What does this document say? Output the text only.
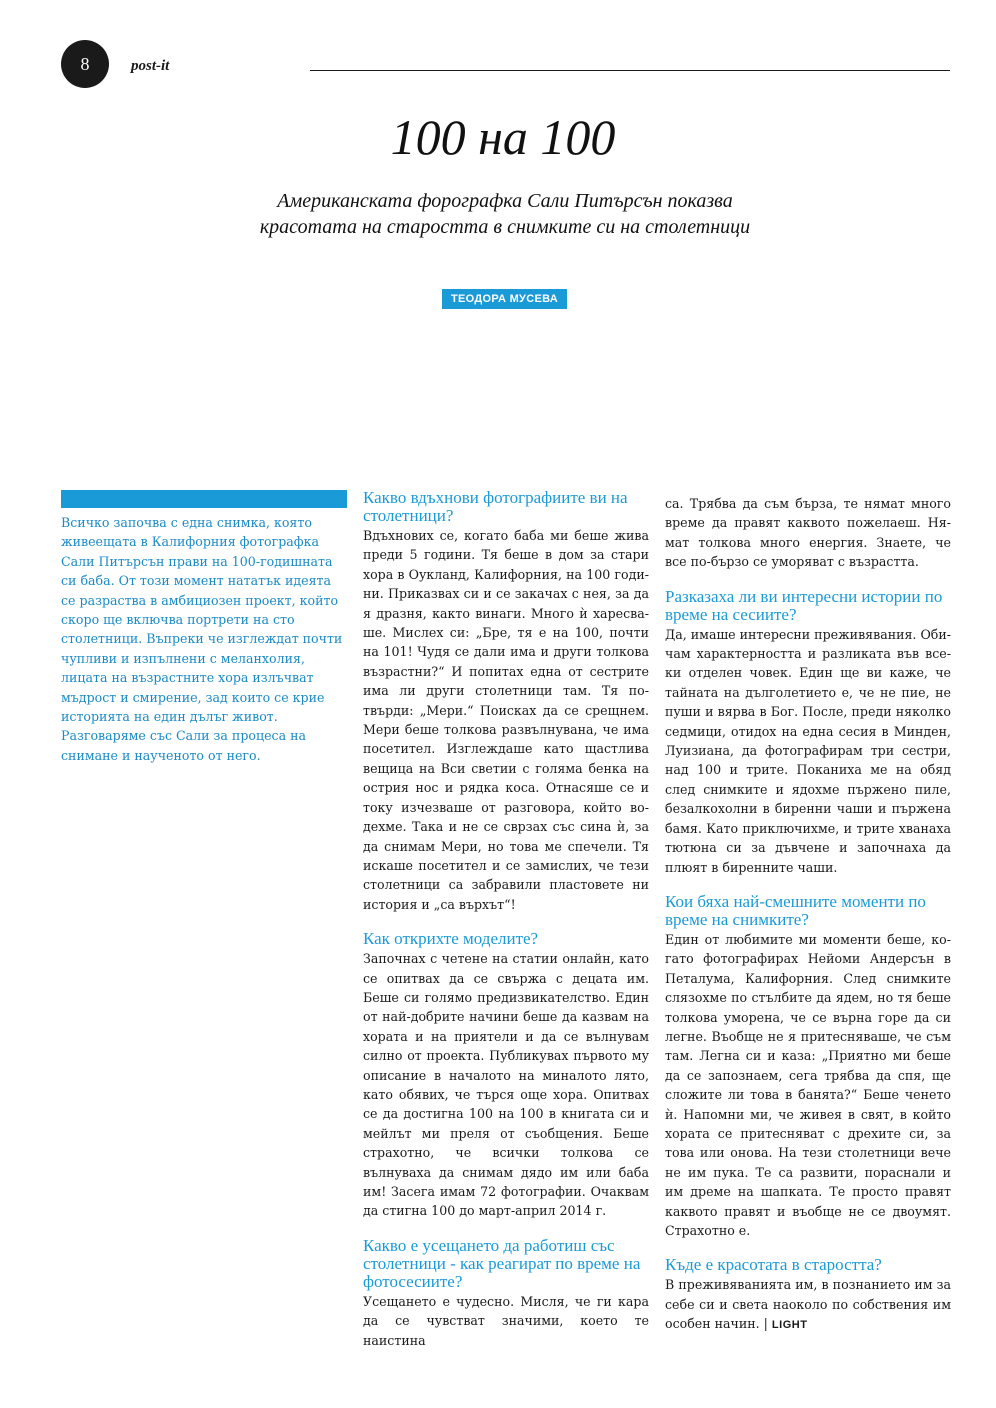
8	post-it
100 на 100
Американската форографка Сали Питърсън показва красотата на старостта в снимките си на столетници
ТЕОДОРА МУСЕВА

Всичко започва с една снимка, която живеещата в Калифорния фотографка Сали Питърсън прави на 100-годишната си баба. От този момент нататък идеята се разраства в амбициозен проект, който скоро ще включва портрети на сто столетници. Въпреки че изглеждат почти чупливи и изпълнени с меланхолия, лицата на възрастните хора излъчват мъдрост и смирение, зад които се крие историята на един дълъг живот. Разговаряме със Сали за процеса на снимане и наученото от него.

Какво вдъхнови фотографиите ви на столетници?

Вдъхнових се, когато баба ми беше жива преди 5 години. Тя беше в дом за стари хора в Оукланд, Калифорния, на 100 години. Приказвах си и се закачах с нея, за да я дразня, както винаги. Много ѝ харесваше. Мислех си: „Бре, тя е на 100, почти на 101! Чудя се дали има и други толкова възрастни?“ И попитах една от сестрите има ли други столетници там. Тя потвърди: „Мери.“ Поисках да се срещнем. Мери беше толкова развълнувана, че има посетител. Изглеждаше като щастлива вещица на Вси светии с голяма бенка на острия нос и рядка коса. Отнасяше се и току изчезваше от разговора, който водехме. Така и не се сврзах със сина ѝ, за да снимам Мери, но това ме спечели. Тя искаше посетител и се замислих, че тези столетници са забравили пластовете ни история и „са върхът“!

Как открихте моделите?

Започнах с четене на статии онлайн, като се опитвах да се свържа с децата им. Беше си голямо предизвикателство. Един от най-добрите начини беше да казвам на хората и на приятели и да се вълнувам силно от проекта. Публикувах първото му описание в началото на миналото лято, като обявих, че търся още хора. Опитвах се да достигна 100 на 100 в книгата си и мейлът ми преля от съобщения. Беше страхотно, че всички толкова се вълнуваха да снимам дядо им или баба им! Засега имам 72 фотографии. Очаквам да стигна 100 до март-април 2014 г.

Какво е усещането да работиш със столетници - как реагират по време на фотосесиите?

Усещането е чудесно. Мисля, че ги кара да се чувстват значими, което те наистина

са. Трябва да съм бърза, те нямат много време да правят каквото пожелаеш. Нямат толкова много енергия. Знаете, че все по-бързо се уморяват с възрастта.

Разказаха ли ви интересни истории по време на сесиите?

Да, имаше интересни преживявания. Обичам характерността и разликата във всеки отделен човек. Един ще ви каже, че тайната на дълголетието е, че не пие, не пуши и вярва в Бог. После, преди няколко седмици, отидох на една сесия в Минден, Луизиана, да фотографирам три сестри, над 100 и трите. Поканиха ме на обяд след снимките и ядохме пържено пиле, безалкохолни в биренни чаши и пържена бамя. Като приключихме, и трите хванаха тютюна си за дъвчене и започнаха да плюят в биренните чаши.

Кои бяха най-смешните моменти по време на снимките?

Един от любимите ми моменти беше, когато фотографирах Нейоми Андерсън в Петалума, Калифорния. След снимките слязохме по стълбите да ядем, но тя беше толкова уморена, че се върна горе да си легне. Въобще не я притесняваше, че съм там. Легна си и каза: „Приятно ми беше да се запознаем, сега трябва да спя, ще сложите ли това в банята?“ Беше ченето ѝ. Напомни ми, че живея в свят, в който хората се притесняват с дрехите си, за това или онова. На тези столетници вече не им пука. Те са развити, пораснали и им дреме на шапката. Те просто правят каквото правят и въобще не се двоумят. Страхотно е.

Къде е красотата в старостта?

В преживяванията им, в познанието им за себе си и света наоколо по собствения им особен начин. | LIGHT
